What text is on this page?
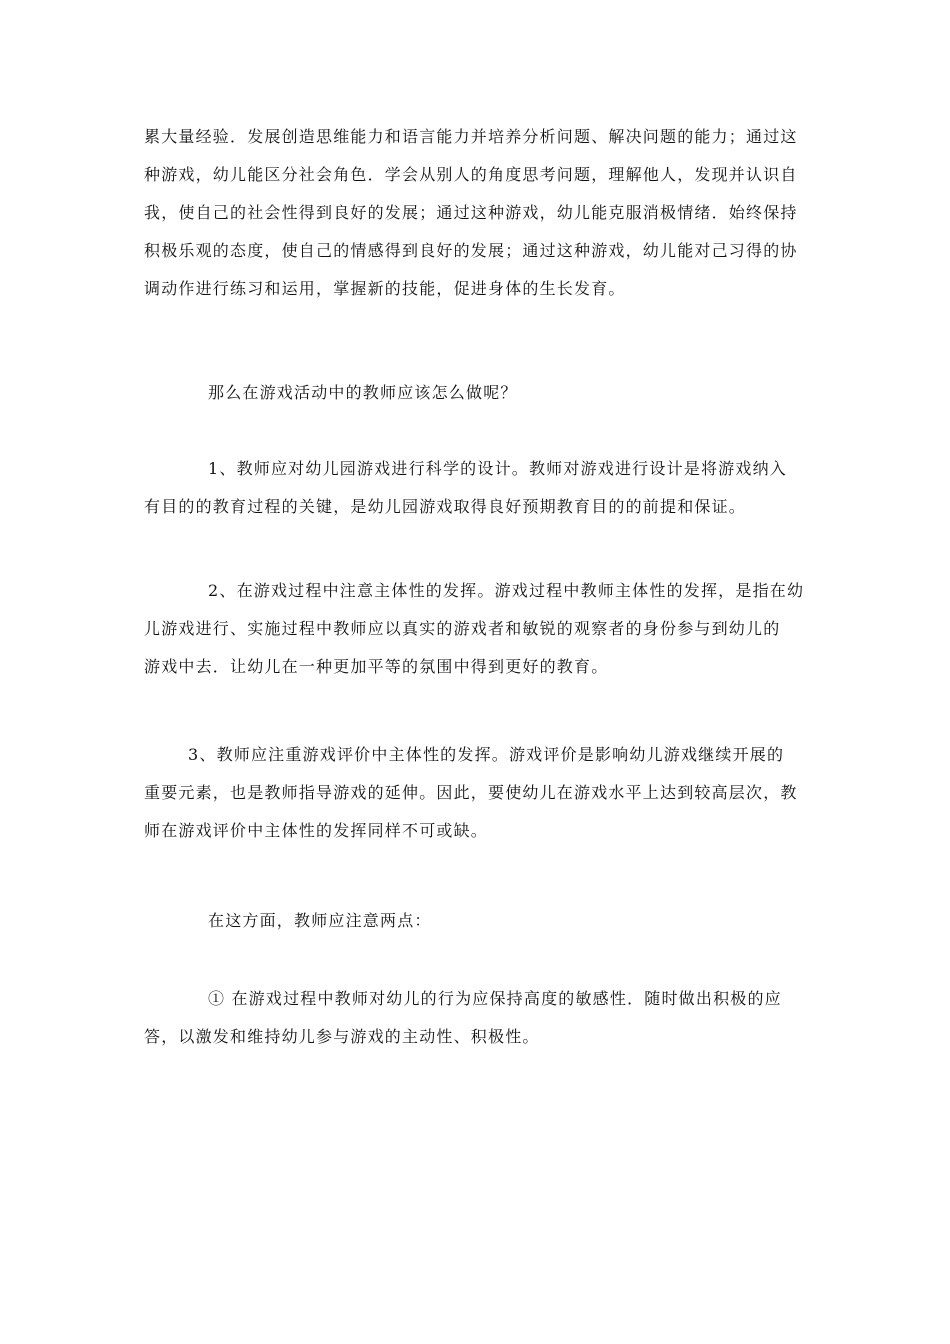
累大量经验．发展创造思维能力和语言能力并培养分析问题、解决问题的能力；通过这
种游戏，幼儿能区分社会角色．学会从别人的角度思考问题，理解他人，发现并认识自
我，使自己的社会性得到良好的发展；通过这种游戏，幼儿能克服消极情绪．始终保持
积极乐观的态度，使自己的情感得到良好的发展；通过这种游戏，幼儿能对己习得的协
调动作进行练习和运用，掌握新的技能，促进身体的生长发育。
那么在游戏活动中的教师应该怎么做呢？
1、教师应对幼儿园游戏进行科学的设计。教师对游戏进行设计是将游戏纳入
有目的的教育过程的关键，是幼儿园游戏取得良好预期教育目的的前提和保证。
2、在游戏过程中注意主体性的发挥。游戏过程中教师主体性的发挥，是指在幼
儿游戏进行、实施过程中教师应以真实的游戏者和敏锐的观察者的身份参与到幼儿的
游戏中去．让幼儿在一种更加平等的氛围中得到更好的教育。
3、教师应注重游戏评价中主体性的发挥。游戏评价是影响幼儿游戏继续开展的
重要元素，也是教师指导游戏的延伸。因此，要使幼儿在游戏水平上达到较高层次，教
师在游戏评价中主体性的发挥同样不可或缺。
在这方面，教师应注意两点：
① 在游戏过程中教师对幼儿的行为应保持高度的敏感性．随时做出积极的应
答，以激发和维持幼儿参与游戏的主动性、积极性。
